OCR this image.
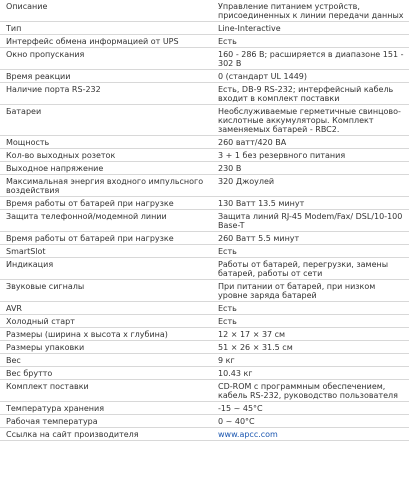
Описание	Управление питанием устройств, присоединенных к линии передачи данных
Тип	Line-Interactive
Интерфейс обмена информацией от UPS	Есть
Окно пропускания	160 - 286 В; расширяется в диапазоне 151 - 302 В
Время реакции	0 (стандарт UL 1449)
Наличие порта RS-232	Есть, DB-9 RS-232; интерфейсный кабель входит в комплект поставки
Батареи	Необслуживаемые герметичные свинцово-кислотные аккумуляторы. Комплект заменяемых батарей - RBC2.
Мощность	260 ватт/420 ВА
Кол-во выходных розеток	3 + 1 без резервного питания
Выходное напряжение	230 В
Максимальная энергия входного импульсного воздействия	320 Джоулей
Время работы от батарей при нагрузке	130 Ватт 13.5 минут
Защита телефонной/модемной линии	Защита линий RJ-45 Modem/Fax/ DSL/10-100 Base-T
Время работы от батарей при нагрузке	260 Ватт 5.5 минут
SmartSlot	Есть
Индикация	Работы от батарей, перегрузки, замены батарей, работы от сети
Звуковые сигналы	При питании от батарей, при низком уровне заряда батарей
AVR	Есть
Холодный старт	Есть
Размеры (ширина х высота х глубина)	12 × 17 × 37 см
Размеры упаковки	51 × 26 × 31.5 см
Вес	9 кг
Вес брутто	10.43 кг
Комплект поставки	CD-ROM с программным обеспечением, кабель RS-232, руководство пользователя
Температура хранения	-15 ~ 45°C
Рабочая температура	0 ~ 40°C
Ссылка на сайт производителя	www.apcc.com
